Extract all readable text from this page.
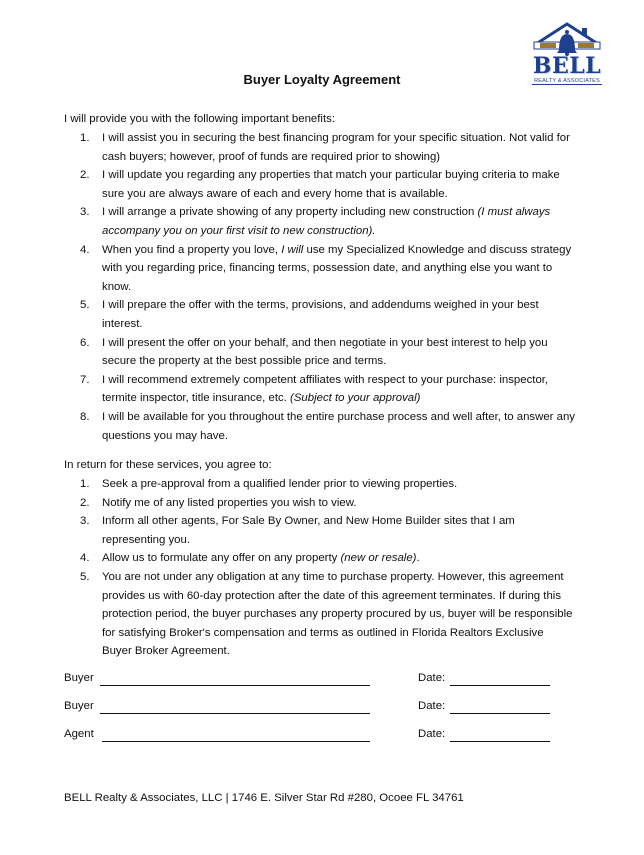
BELL
REALTY & ASSOCIATES
Buyer Loyalty Agreement
I will provide you with the following important benefits:
1.	I will assist you in securing the best financing program for your specific situation. Not valid for cash buyers; however, proof of funds are required prior to showing)
2.	I will update you regarding any properties that match your particular buying criteria to make sure you are always aware of each and every home that is available.
3.	I will arrange a private showing of any property including new construction (I must always accompany you on your first visit to new construction).
4.	When you find a property you love, I will use my Specialized Knowledge and discuss strategy with you regarding price, financing terms, possession date, and anything else you want to know.
5.	I will prepare the offer with the terms, provisions, and addendums weighed in your best interest.
6.	I will present the offer on your behalf, and then negotiate in your best interest to help you secure the property at the best possible price and terms.
7.	I will recommend extremely competent affiliates with respect to your purchase: inspector, termite inspector, title insurance, etc. (Subject to your approval)
8.	I will be available for you throughout the entire purchase process and well after, to answer any questions you may have.
In return for these services, you agree to:
1.	Seek a pre-approval from a qualified lender prior to viewing properties.
2.	Notify me of any listed properties you wish to view.
3.	Inform all other agents, For Sale By Owner, and New Home Builder sites that I am representing you.
4.	Allow us to formulate any offer on any property (new or resale).
5.	You are not under any obligation at any time to purchase property. However, this agreement provides us with 60-day protection after the date of this agreement terminates. If during this protection period, the buyer purchases any property procured by us, buyer will be responsible for satisfying Broker's compensation and terms as outlined in Florida Realtors Exclusive Buyer Broker Agreement.
Buyer	Date:
Buyer	Date:
Agent	Date:
BELL Realty & Associates, LLC | 1746 E. Silver Star Rd #280, Ocoee FL 34761
